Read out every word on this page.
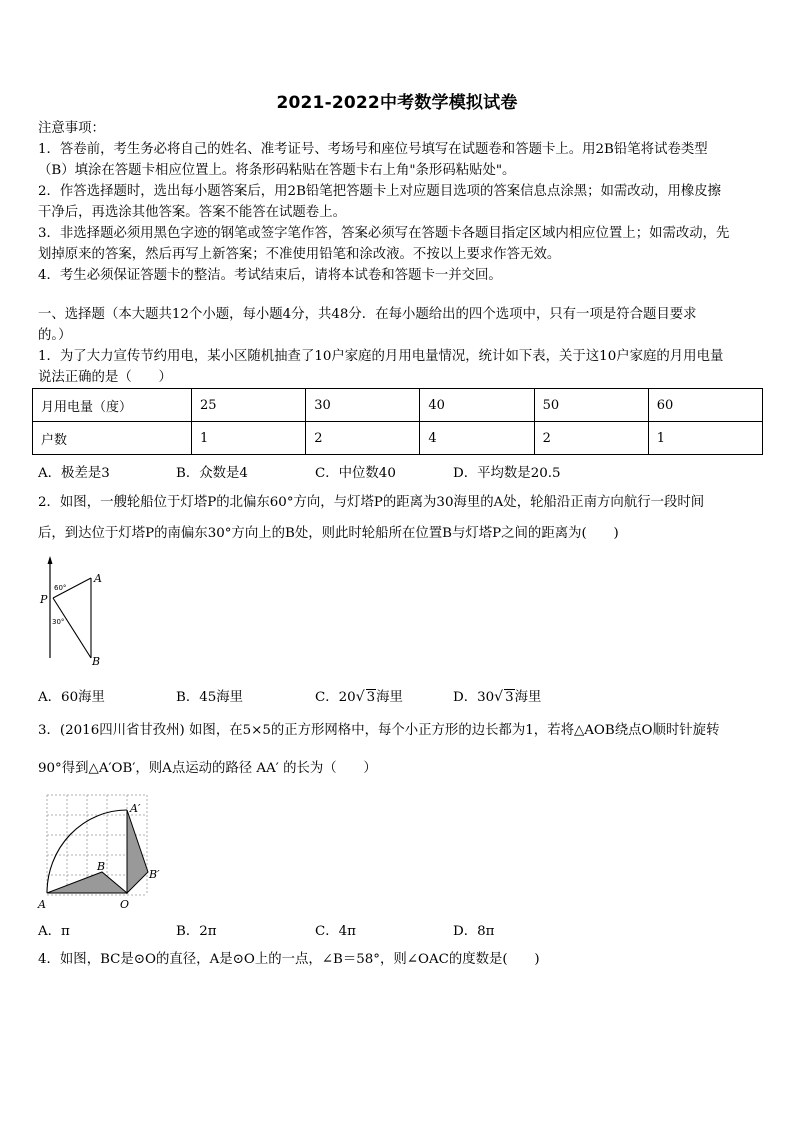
2021-2022中考数学模拟试卷
注意事项：
1．答卷前，考生务必将自己的姓名、准考证号、考场号和座位号填写在试题卷和答题卡上。用2B铅笔将试卷类型
（B）填涂在答题卡相应位置上。将条形码粘贴在答题卡右上角"条形码粘贴处"。
2．作答选择题时，选出每小题答案后，用2B铅笔把答题卡上对应题目选项的答案信息点涂黑；如需改动，用橡皮擦
干净后，再选涂其他答案。答案不能答在试题卷上。
3．非选择题必须用黑色字迹的钢笔或签字笔作答，答案必须写在答题卡各题目指定区域内相应位置上；如需改动，先
划掉原来的答案，然后再写上新答案；不准使用铅笔和涂改液。不按以上要求作答无效。
4．考生必须保证答题卡的整洁。考试结束后，请将本试卷和答题卡一并交回。
一、选择题（本大题共12个小题，每小题4分，共48分．在每小题给出的四个选项中，只有一项是符合题目要求
的。）
1．为了大力宣传节约用电，某小区随机抽查了10户家庭的月用电量情况，统计如下表，关于这10户家庭的月用电量
说法正确的是（　　）
月用电量（度）	25	30	40	50	60
户数	1	2	4	2	1
A．极差是3	B．众数是4	C．中位数40	D．平均数是20.5
2．如图，一艘轮船位于灯塔P的北偏东60°方向，与灯塔P的距离为30海里的A处，轮船沿正南方向航行一段时间
后，到达位于灯塔P的南偏东30°方向上的B处，则此时轮船所在位置B与灯塔P之间的距离为(　　)
P
A
B
60°
30°
A．60海里	B．45海里	C．20√ 3海里	D．30√ 3海里
3．(2016四川省甘孜州) 如图，在5×5的正方形网格中，每个小正方形的边长都为1，若将△AOB绕点O顺时针旋转
90°得到△A′OB′，则A点运动的路径 AA′ 的长为（　　）
A	O
B
A′
B′
A．π	B．2π	C．4π	D．8π
4．如图，BC是⊙O的直径，A是⊙O上的一点，∠B＝58°，则∠OAC的度数是(　　)
